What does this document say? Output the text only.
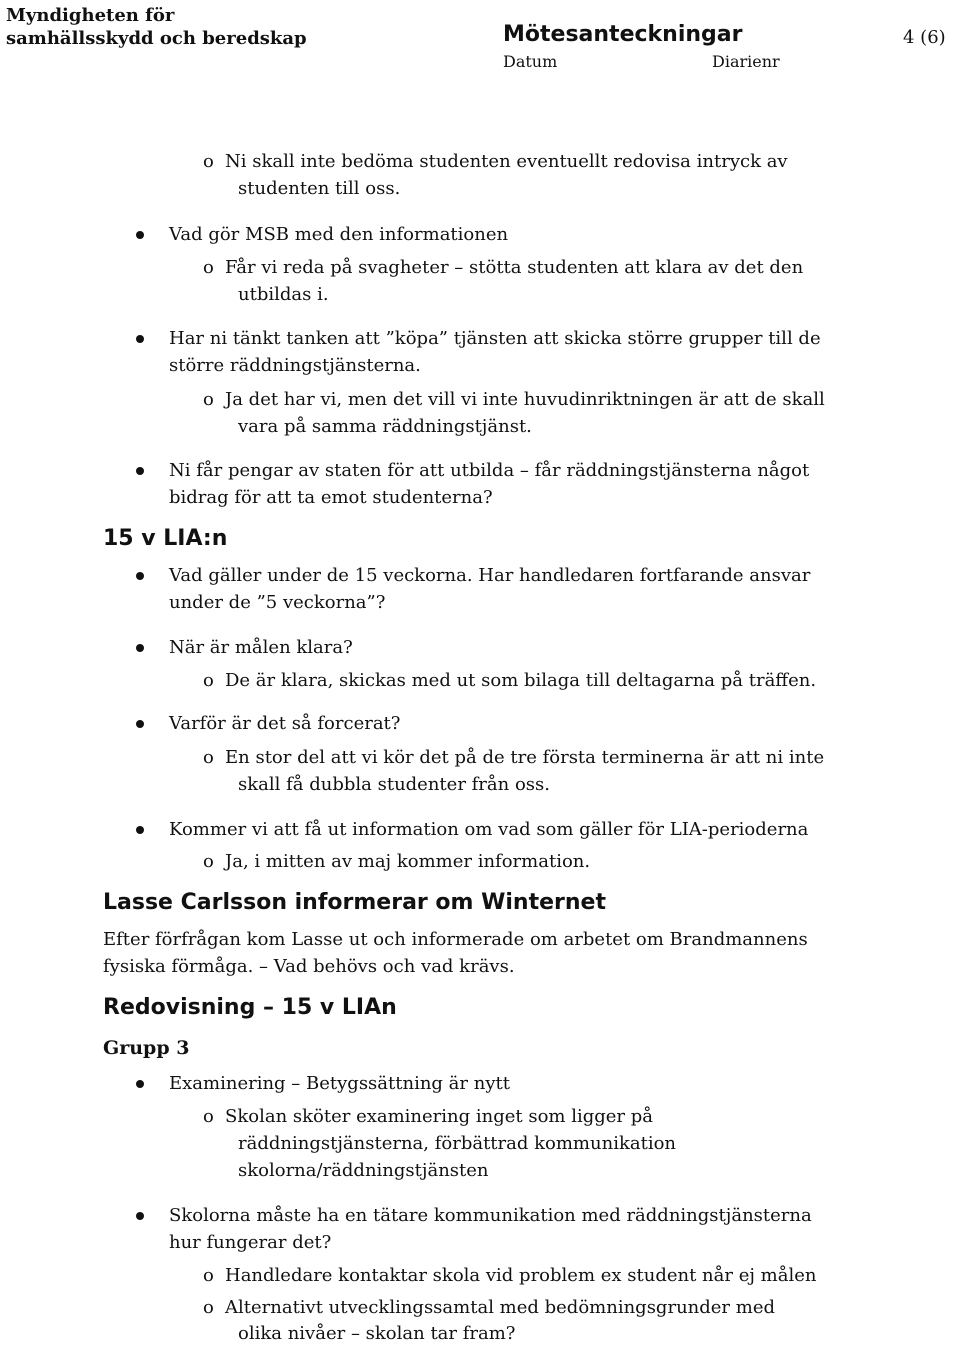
Myndigheten för
samhällsskydd och beredskap	Mötesanteckningar	4 (6)
Datum	Diarienr
o Ni skall inte bedöma studenten eventuellt redovisa intryck av
studenten till oss.
Vad gör MSB med den informationen
o Får vi reda på svagheter – stötta studenten att klara av det den
utbildas i.
Har ni tänkt tanken att ”köpa” tjänsten att skicka större grupper till de
större räddningstjänsterna.
o Ja det har vi, men det vill vi inte huvudinriktningen är att de skall
vara på samma räddningstjänst.
Ni får pengar av staten för att utbilda – får räddningstjänsterna något
bidrag för att ta emot studenterna?
15 v LIA:n
Vad gäller under de 15 veckorna. Har handledaren fortfarande ansvar
under de ”5 veckorna”?
När är målen klara?
o De är klara, skickas med ut som bilaga till deltagarna på träffen.
Varför är det så forcerat?
o En stor del att vi kör det på de tre första terminerna är att ni inte
skall få dubbla studenter från oss.
Kommer vi att få ut information om vad som gäller för LIA-perioderna
o Ja, i mitten av maj kommer information.
Lasse Carlsson informerar om Winternet
Efter förfrågan kom Lasse ut och informerade om arbetet om Brandmannens
fysiska förmåga. – Vad behövs och vad krävs.
Redovisning – 15 v LIAn
Grupp 3
Examinering – Betygssättning är nytt
o Skolan sköter examinering inget som ligger på
räddningstjänsterna, förbättrad kommunikation
skolorna/räddningstjänsten
Skolorna måste ha en tätare kommunikation med räddningstjänsterna
hur fungerar det?
o Handledare kontaktar skola vid problem ex student når ej målen
o Alternativt utvecklingssamtal med bedömningsgrunder med
olika nivåer – skolan tar fram?
